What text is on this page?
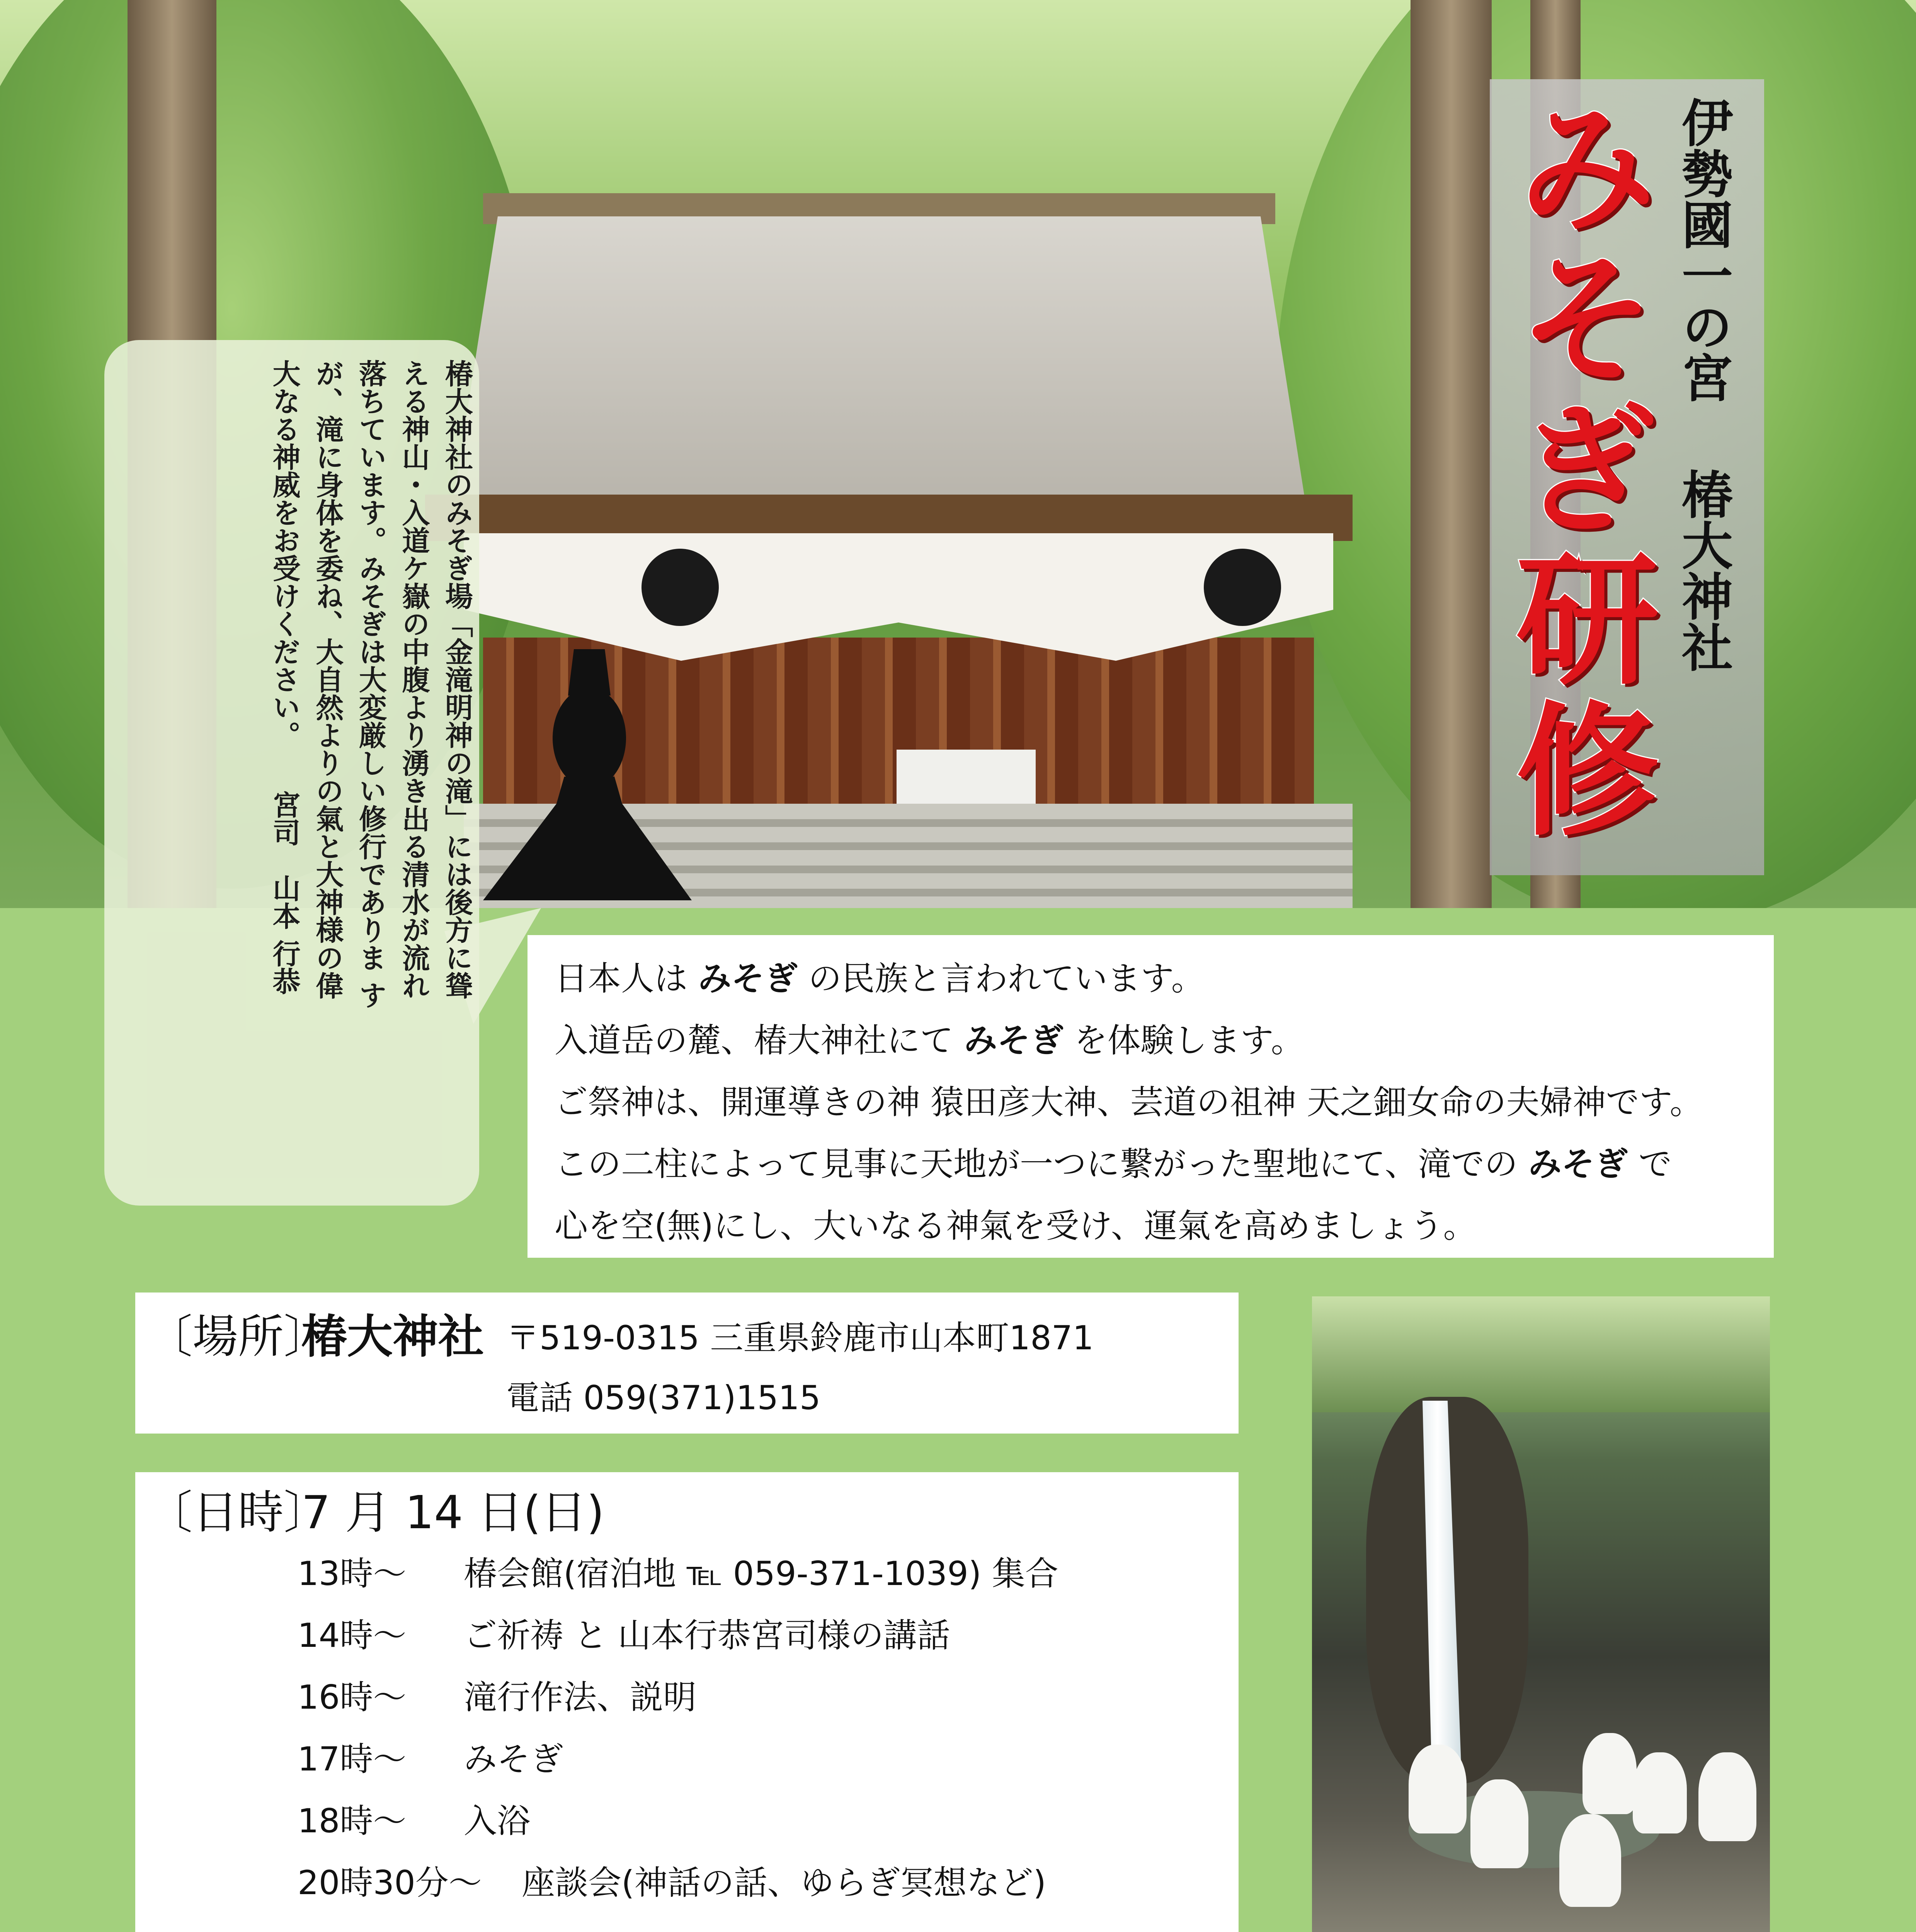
伊勢國一の宮椿大神社
みそぎ研修
椿大神社のみそぎ場「金滝明神の滝」には後方に聳
える神山・入道ケ嶽の中腹より湧き出る清水が流れ
落ちています。みそぎは大変厳しい修行でありま す
が、滝に身体を委ね、大自然よりの氣と大神様の偉
大なる神威をお受けください。　　宮司　山本 行恭	日本人は みそぎ の民族と言われています。
入道岳の麓、椿大神社にて みそぎ を体験します。
ご祭神は、開運導きの神 猿田彦大神、芸道の祖神 天之鈿女命の夫婦神です。
この二柱によって見事に天地が一つに繋がった聖地にて、滝での みそぎ で
心を空(無)にし、大いなる神氣を受け、運氣を高めましょう。
〔場所〕
椿大神社 〒519-0315 三重県鈴鹿市山本町1871
電話 059(371)1515
〔日時〕
7 月 14 日(日)
13時～ 椿会館(宿泊地 ℡ 059-371-1039) 集合
14時～ ご祈祷 と 山本行恭宮司様の講話
16時～ 滝行作法、説明
17時～ みそぎ
18時～ 入浴
20時30分～ 座談会(神話の話、ゆらぎ冥想など)
